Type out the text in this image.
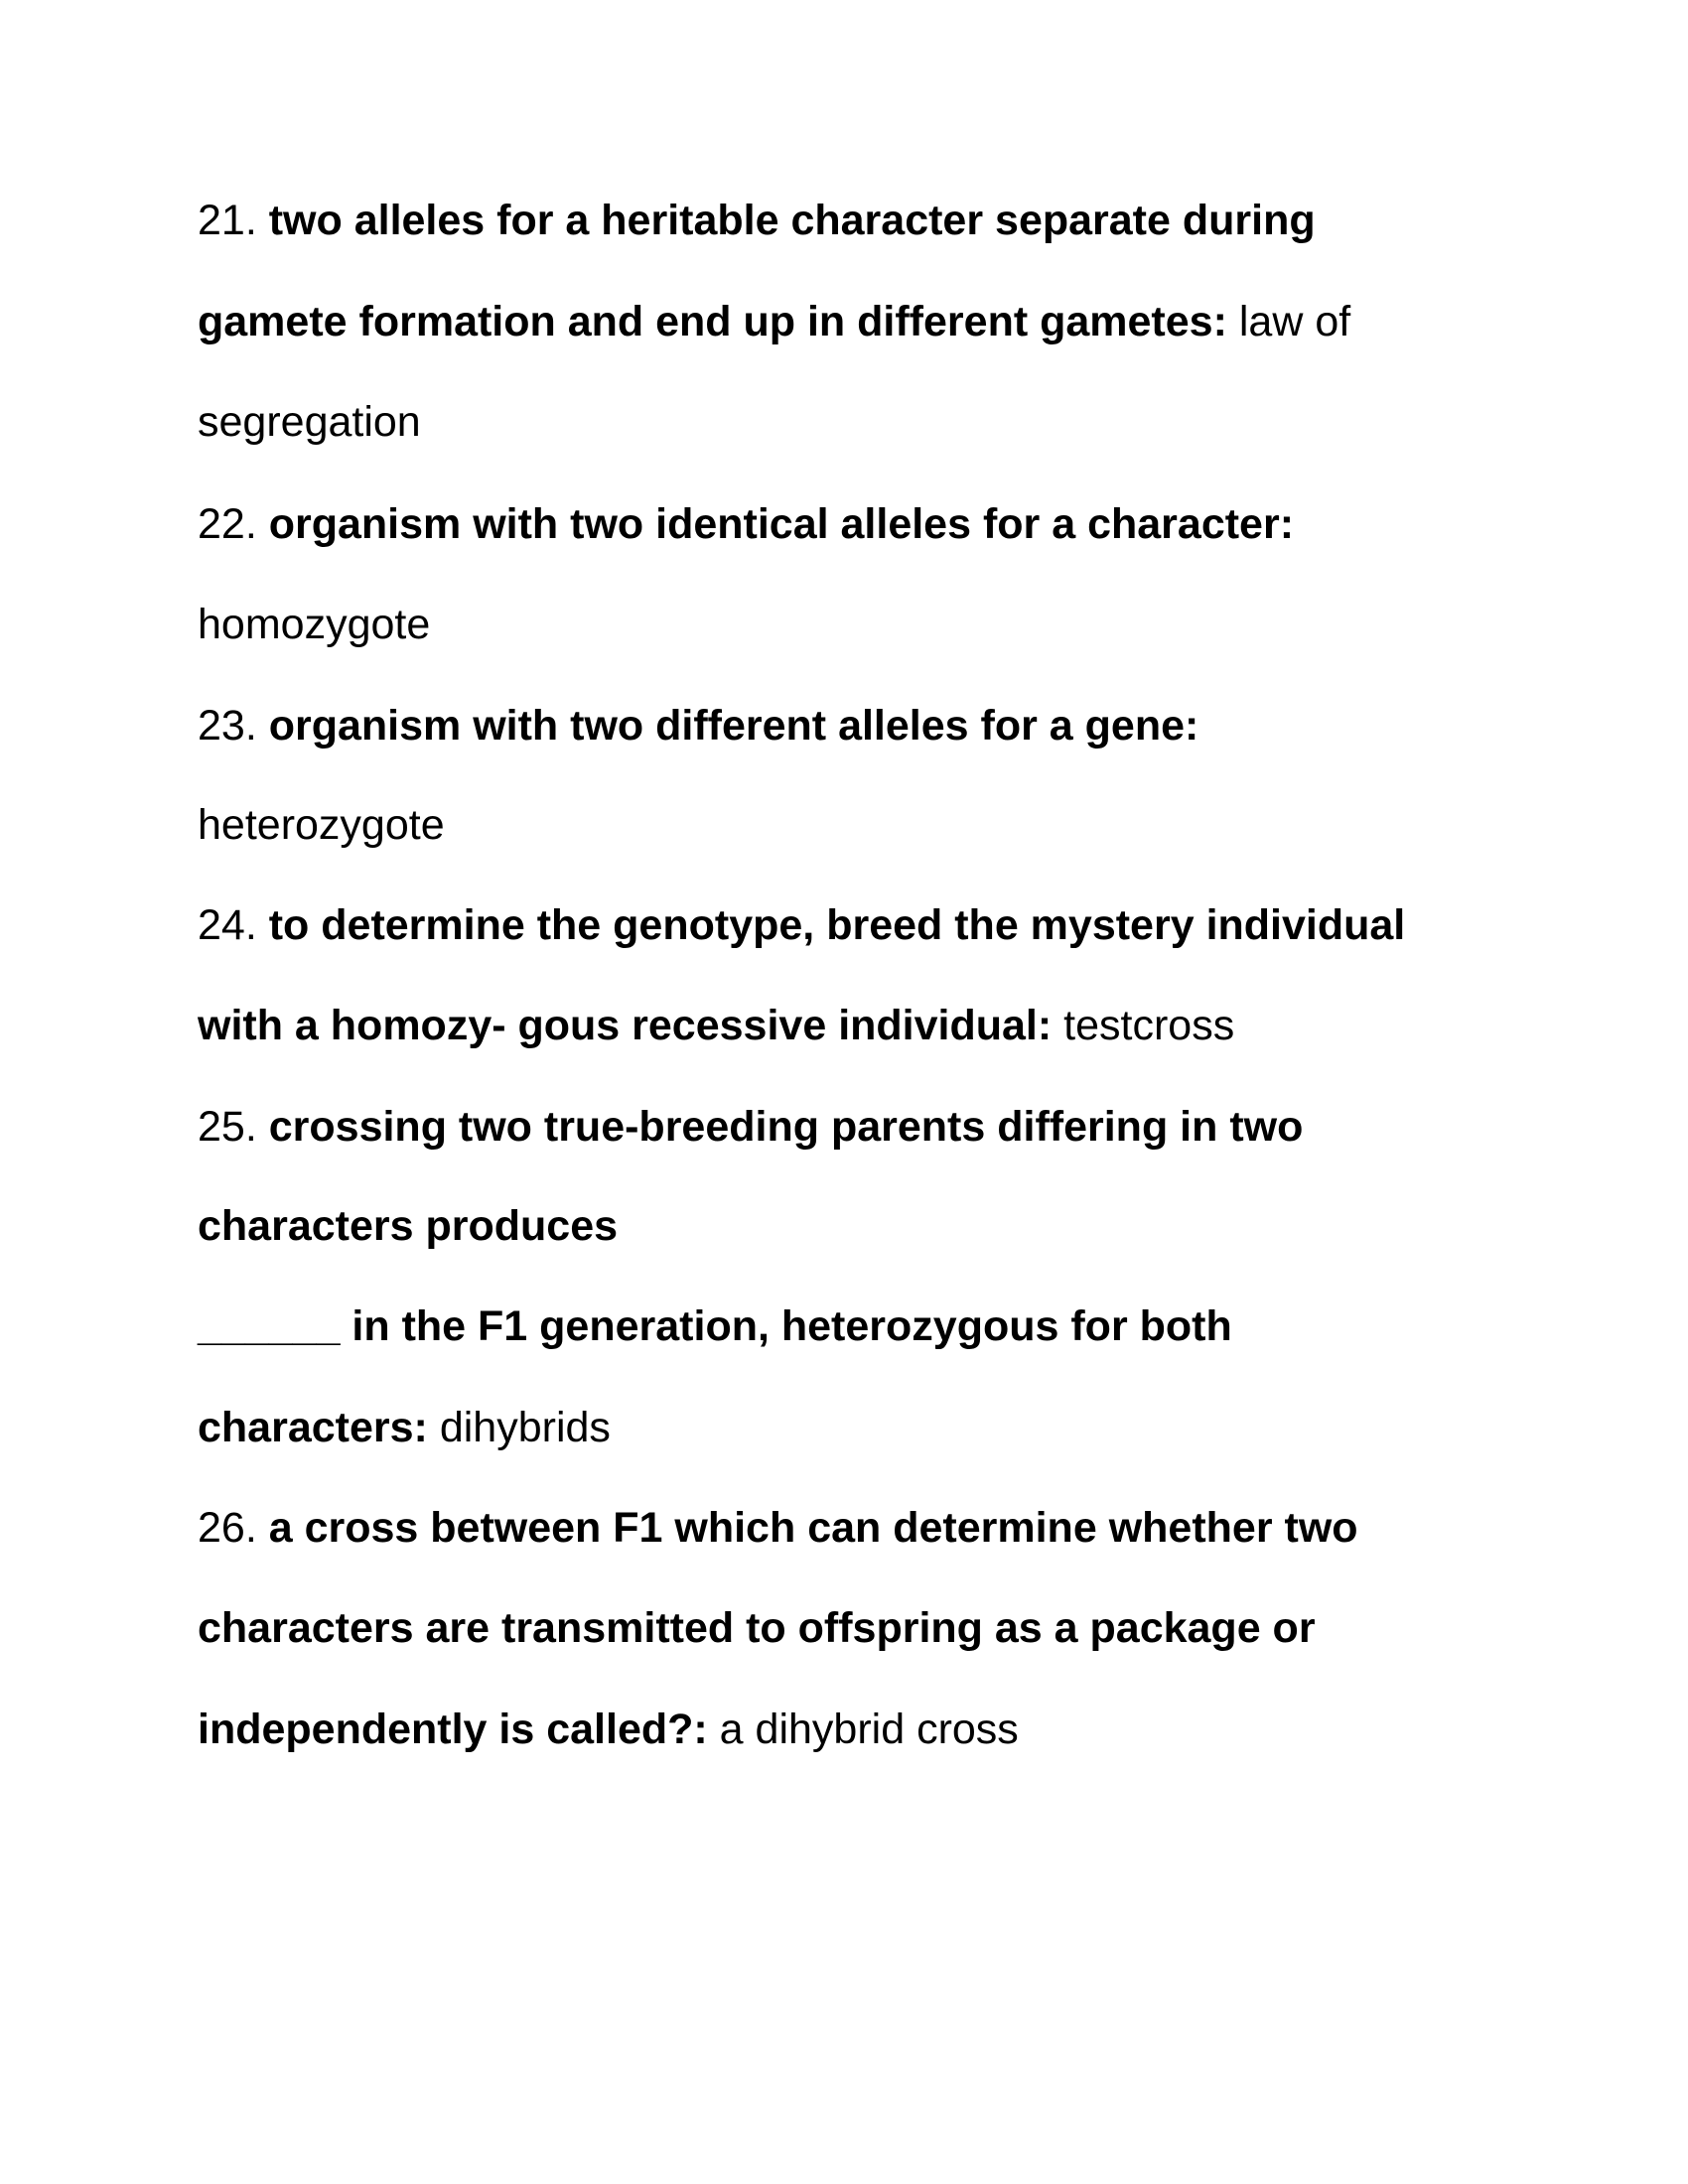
21. two alleles for a heritable character separate during
gamete formation and end up in different gametes: law of
segregation
22. organism with two identical alleles for a character:
homozygote
23. organism with two different alleles for a gene:
heterozygote
24. to determine the genotype, breed the mystery individual
with a homozy- gous recessive individual: testcross
25. crossing two true-breeding parents differing in two
characters produces
______ in the F1 generation, heterozygous for both
characters: dihybrids
26. a cross between F1 which can determine whether two
characters are transmitted to offspring as a package or
independently is called?: a dihybrid cross
